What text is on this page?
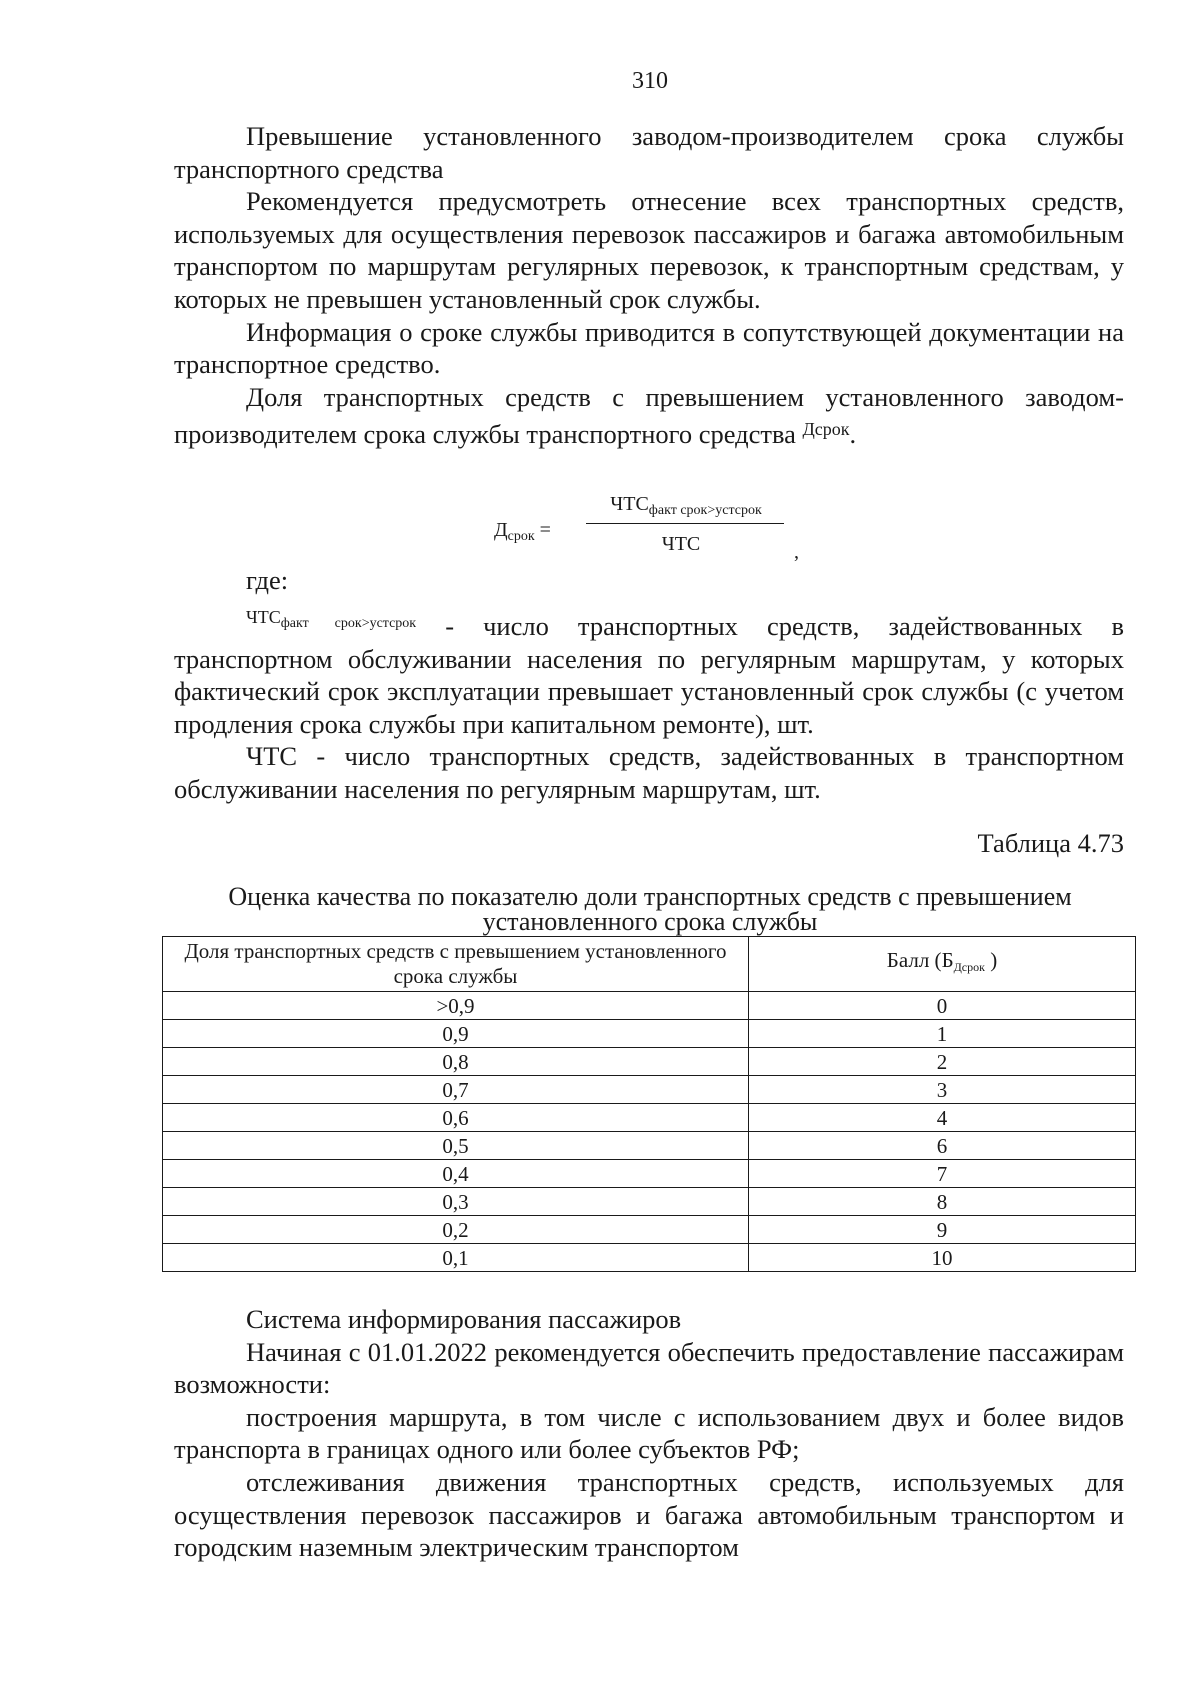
310

Превышение установленного заводом-производителем срока службы транспортного средства

Рекомендуется предусмотреть отнесение всех транспортных средств, используемых для осуществления перевозок пассажиров и багажа автомобильным транспортом по маршрутам регулярных перевозок, к транспортным средствам, у которых не превышен установленный срок службы.

Информация о сроке службы приводится в сопутствующей документации на транспортное средство.

Доля транспортных средств с превышением установленного заводом-производителем срока службы транспортного средства $^{Дсрок}$.

$Д_{срок}$ =
$ЧТС_{факт срок>устсрок}$
ЧТС	,
где:

$^{ЧТС_{факт срок>устсрок}}$ - число транспортных средств, задействованных в транспортном обслуживании населения по регулярным маршрутам, у которых фактический срок эксплуатации превышает установленный срок службы (с учетом продления срока службы при капитальном ремонте), шт.

ЧТС - число транспортных средств, задействованных в транспортном обслуживании населения по регулярным маршрутам, шт.

Таблица 4.73
Оценка качества по показателю доли транспортных средств с превышением установленного срока службы
Доля транспортных средств с превышением установленного срока службы	Балл (БДсрок )
>0,9	0
0,9	1
0,8	2
0,7	3
0,6	4
0,5	6
0,4	7
0,3	8
0,2	9
0,1	10

Система информирования пассажиров

Начиная с 01.01.2022 рекомендуется обеспечить предоставление пассажирам возможности:

построения маршрута, в том числе с использованием двух и более видов транспорта в границах одного или более субъектов РФ;

отслеживания движения транспортных средств, используемых для осуществления перевозок пассажиров и багажа автомобильным транспортом и городским наземным электрическим транспортом
